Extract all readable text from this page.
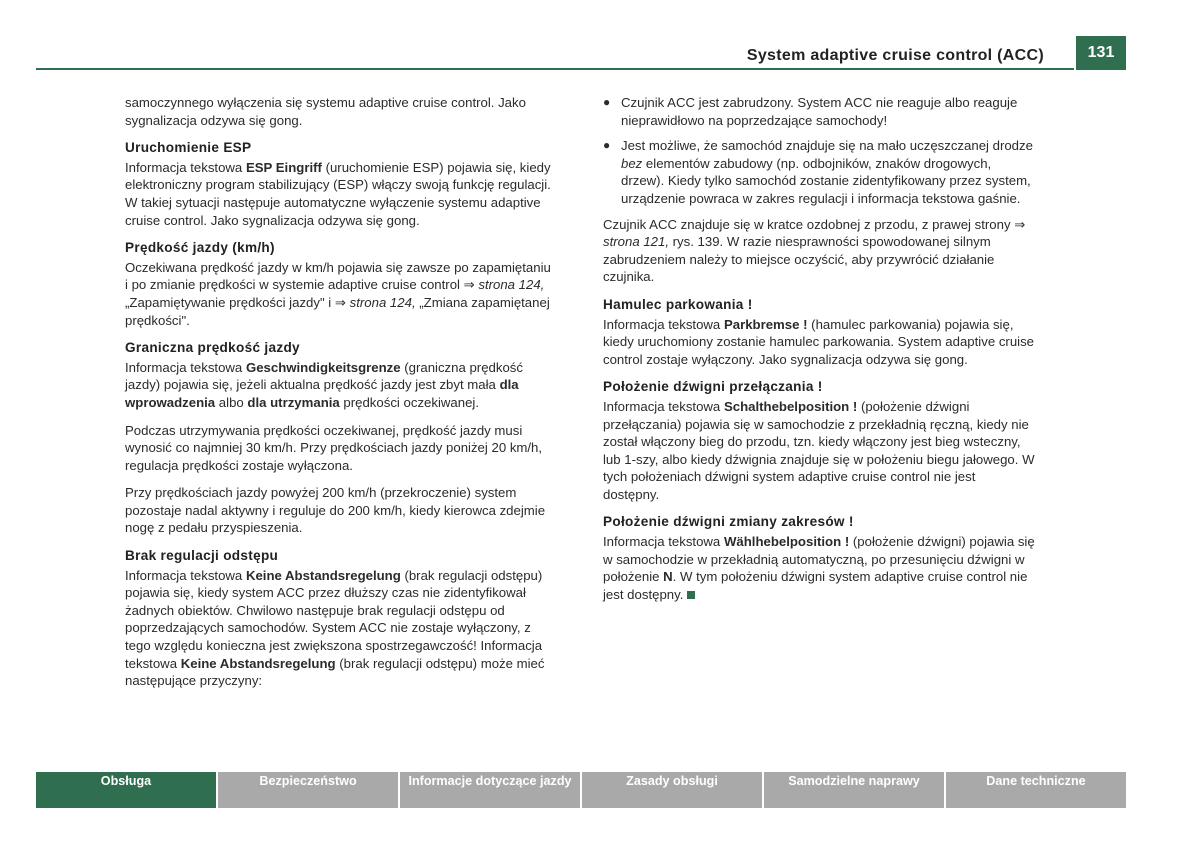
System adaptive cruise control (ACC)	131

samoczynnego wyłączenia się systemu adaptive cruise control. Jako sygnalizacja odzywa się gong.

Uruchomienie ESP

Informacja tekstowa ESP Eingriff (uruchomienie ESP) pojawia się, kiedy elektroniczny program stabilizujący (ESP) włączy swoją funkcję regulacji. W takiej sytuacji następuje automatyczne wyłączenie systemu adaptive cruise control. Jako sygnalizacja odzywa się gong.

Prędkość jazdy (km/h)

Oczekiwana prędkość jazdy w km/h pojawia się zawsze po zapamiętaniu i po zmianie prędkości w systemie adaptive cruise control ⇒ strona 124, „Zapamiętywanie prędkości jazdy" i ⇒ strona 124, „Zmiana zapamiętanej prędkości".

Graniczna prędkość jazdy

Informacja tekstowa Geschwindigkeitsgrenze (graniczna prędkość jazdy) pojawia się, jeżeli aktualna prędkość jazdy jest zbyt mała dla wprowadzenia albo dla utrzymania prędkości oczekiwanej.

Podczas utrzymywania prędkości oczekiwanej, prędkość jazdy musi wynosić co najmniej 30 km/h. Przy prędkościach jazdy poniżej 20 km/h, regulacja prędkości zostaje wyłączona.

Przy prędkościach jazdy powyżej 200 km/h (przekroczenie) system pozostaje nadal aktywny i reguluje do 200 km/h, kiedy kierowca zdejmie nogę z pedału przyspieszenia.

Brak regulacji odstępu

Informacja tekstowa Keine Abstandsregelung (brak regulacji odstępu) pojawia się, kiedy system ACC przez dłuższy czas nie zidentyfikował żadnych obiektów. Chwilowo następuje brak regulacji odstępu od poprzedzających samochodów. System ACC nie zostaje wyłączony, z tego względu konieczna jest zwiększona spostrzegawczość! Informacja tekstowa Keine Abstandsregelung (brak regulacji odstępu) może mieć następujące przyczyny:

● Czujnik ACC jest zabrudzony. System ACC nie reaguje albo reaguje nieprawidłowo na poprzedzające samochody!
● Jest możliwe, że samochód znajduje się na mało uczęszczanej drodze bez elementów zabudowy (np. odbojników, znaków drogowych, drzew). Kiedy tylko samochód zostanie zidentyfikowany przez system, urządzenie powraca w zakres regulacji i informacja tekstowa gaśnie.

Czujnik ACC znajduje się w kratce ozdobnej z przodu, z prawej strony ⇒ strona 121, rys. 139. W razie niesprawności spowodowanej silnym zabrudzeniem należy to miejsce oczyścić, aby przywrócić działanie czujnika.

Hamulec parkowania !

Informacja tekstowa Parkbremse ! (hamulec parkowania) pojawia się, kiedy uruchomiony zostanie hamulec parkowania. System adaptive cruise control zostaje wyłączony. Jako sygnalizacja odzywa się gong.

Położenie dźwigni przełączania !

Informacja tekstowa Schalthebelposition ! (położenie dźwigni przełączania) pojawia się w samochodzie z przekładnią ręczną, kiedy nie został włączony bieg do przodu, tzn. kiedy włączony jest bieg wsteczny, lub 1-szy, albo kiedy dźwignia znajduje się w położeniu biegu jałowego. W tych położeniach dźwigni system adaptive cruise control nie jest dostępny.

Położenie dźwigni zmiany zakresów !

Informacja tekstowa Wählhebelposition ! (położenie dźwigni) pojawia się w samochodzie w przekładnią automatyczną, po przesunięciu dźwigni w położenie N. W tym położeniu dźwigni system adaptive cruise control nie jest dostępny.

Obsługa	Bezpieczeństwo	Informacje dotyczące jazdy	Zasady obsługi	Samodzielne naprawy	Dane techniczne
